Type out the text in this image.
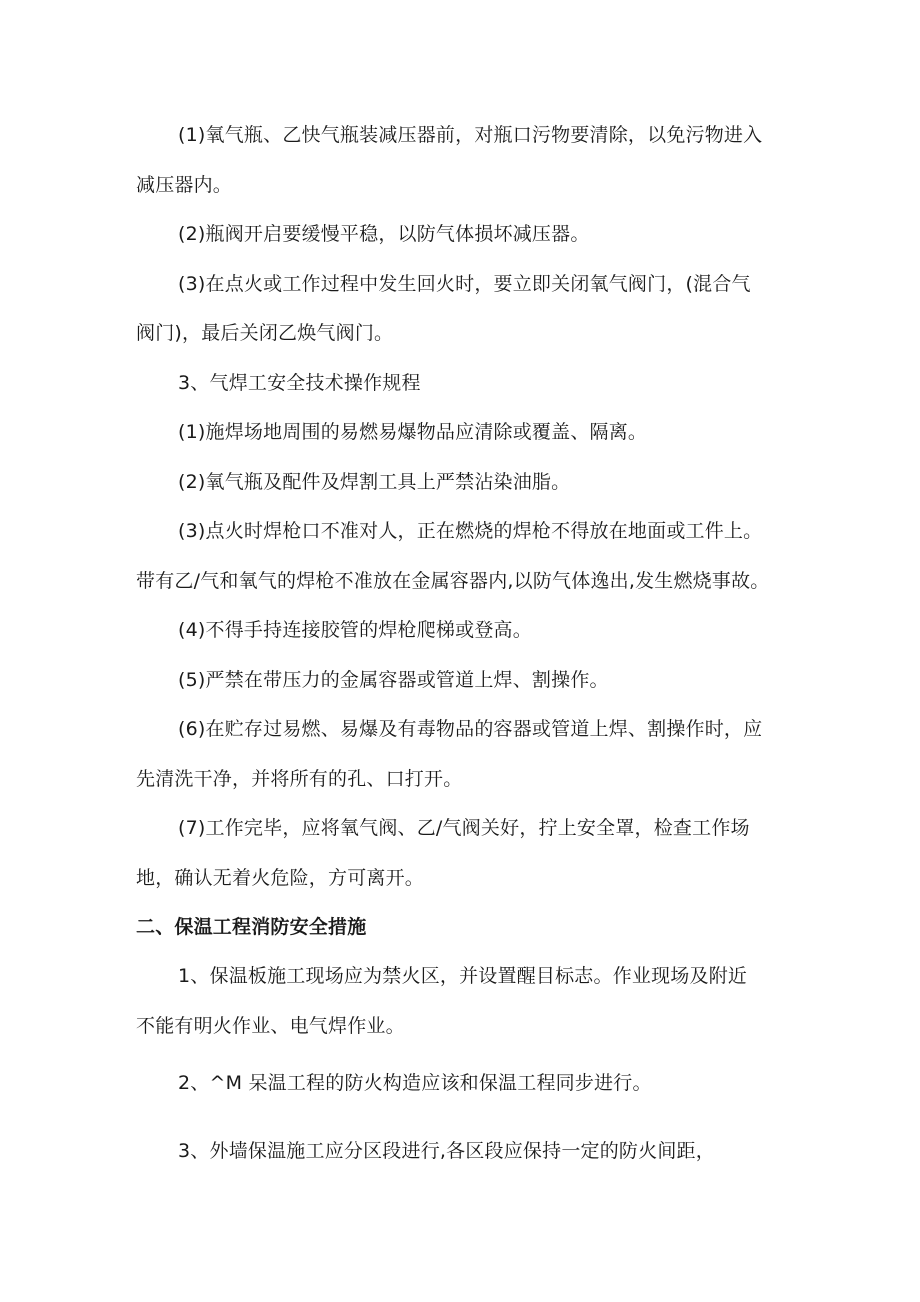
(1)氧气瓶、乙快气瓶装减压器前，对瓶口污物要清除，以免污物进入
减压器内。
(2)瓶阀开启要缓慢平稳，以防气体损坏减压器。
(3)在点火或工作过程中发生回火时，要立即关闭氧气阀门，(混合气
阀门)，最后关闭乙焕气阀门。
3、气焊工安全技术操作规程
(1)施焊场地周围的易燃易爆物品应清除或覆盖、隔离。
(2)氧气瓶及配件及焊割工具上严禁沾染油脂。
(3)点火时焊枪口不准对人，正在燃烧的焊枪不得放在地面或工件上。
带有乙/气和氧气的焊枪不准放在金属容器内,以防气体逸出,发生燃烧事故。
(4)不得手持连接胶管的焊枪爬梯或登高。
(5)严禁在带压力的金属容器或管道上焊、割操作。
(6)在贮存过易燃、易爆及有毒物品的容器或管道上焊、割操作时，应
先清洗干净，并将所有的孔、口打开。
(7)工作完毕，应将氧气阀、乙/气阀关好，拧上安全罩，检查工作场
地，确认无着火危险，方可离开。
二、保温工程消防安全措施
1、保温板施工现场应为禁火区，并设置醒目标志。作业现场及附近
不能有明火作业、电气焊作业。
2、^M 呆温工程的防火构造应该和保温工程同步进行。
3、外墙保温施工应分区段进行,各区段应保持一定的防火间距，
